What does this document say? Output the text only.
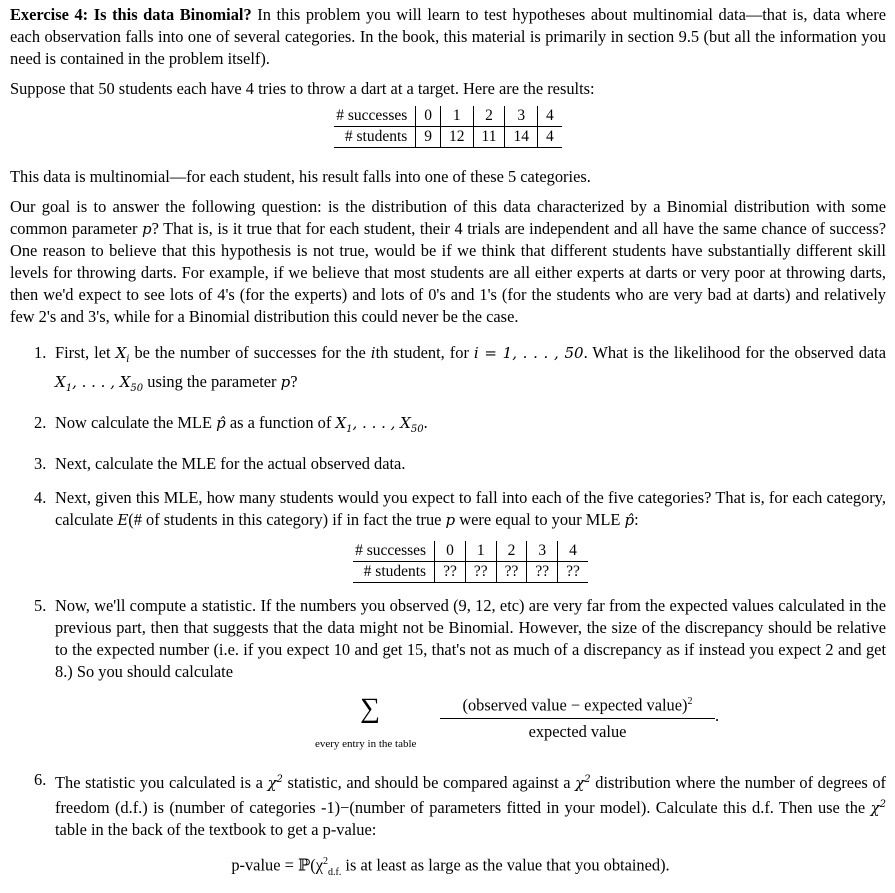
Exercise 4: Is this data Binomial? In this problem you will learn to test hypotheses about multinomial data—that is, data where each observation falls into one of several categories. In the book, this material is primarily in section 9.5 (but all the information you need is contained in the problem itself).

Suppose that 50 students each have 4 tries to throw a dart at a target. Here are the results:

# successes	0	1	2	3	4
# students	9	12	11	14	4

This data is multinomial—for each student, his result falls into one of these 5 categories.

Our goal is to answer the following question: is the distribution of this data characterized by a Binomial distribution with some common parameter p? That is, is it true that for each student, their 4 trials are independent and all have the same chance of success? One reason to believe that this hypothesis is not true, would be if we think that different students have substantially different skill levels for throwing darts. For example, if we believe that most students are all either experts at darts or very poor at throwing darts, then we'd expect to see lots of 4's (for the experts) and lots of 0's and 1's (for the students who are very bad at darts) and relatively few 2's and 3's, while for a Binomial distribution this could never be the case.

1. First, let $X_i$ be the number of successes for the ith student, for i = 1, . . . , 50. What is the likelihood for the observed data $X_1$, . . . , $X_{50}$ using the parameter p?
2. Now calculate the MLE p̂ as a function of $X_1$, . . . , $X_{50}$.
3. Next, calculate the MLE for the actual observed data.
4. Next, given this MLE, how many students would you expect to fall into each of the five categories? That is, for each category, calculate E(# of students in this category) if in fact the true p were equal to your MLE p̂:
# successes	0	1	2	3	4
# students	??	??	??	??	??
5. Now, we'll compute a statistic. If the numbers you observed (9, 12, etc) are very far from the expected values calculated in the previous part, then that suggests that the data might not be Binomial. However, the size of the discrepancy should be relative to the expected number (i.e. if you expect 10 and get 15, that's not as much of a discrepancy as if instead you expect 2 and get 8.) So you should calculate
∑
every entry in the table
(observed value − expected value)$^2$
expected value
.
6. The statistic you calculated is a $\chi^2$ statistic, and should be compared against a $\chi^2$ distribution where the number of degrees of freedom (d.f.) is (number of categories -1)−(number of parameters fitted in your model). Calculate this d.f. Then use the $\chi^2$ table in the back of the textbook to get a p-value:
p-value = $ℙ(\chi^2_{d.f.}$ is at least as large as the value that you obtained).
